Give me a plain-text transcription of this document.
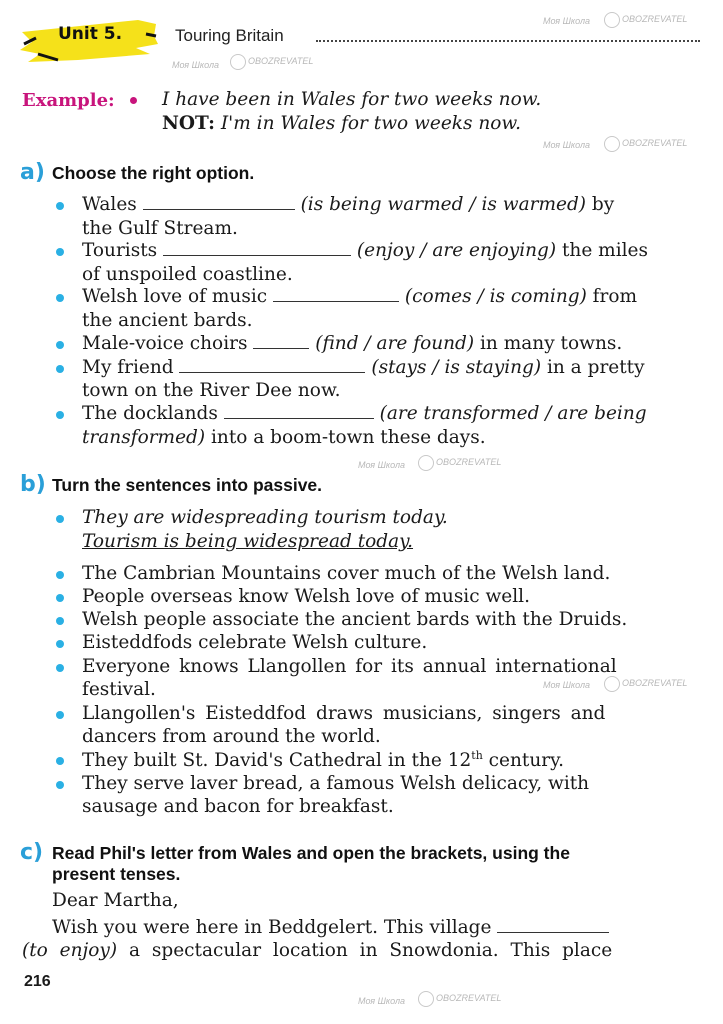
Unit 5.	Touring Britain
Example:	I have been in Wales for two weeks now.
NOT: I'm in Wales for two weeks now.
a) Choose the right option.
Wales	(is being warmed / is warmed) by
the Gulf Stream.
Tourists	(enjoy / are enjoying) the miles
of unspoiled coastline.
Welsh love of music	(comes / is coming) from
the ancient bards.
Male-voice choirs	(find / are found) in many towns.
My friend	(stays / is staying) in a pretty
town on the River Dee now.
The docklands	(are transformed / are being
transformed) into a boom-town these days.
b) Turn the sentences into passive.
They are widespreading tourism today.
Tourism is being widespread today.
The Cambrian Mountains cover much of the Welsh land.
People overseas know Welsh love of music well.
Welsh people associate the ancient bards with the Druids.
Eisteddfods celebrate Welsh culture.
Everyone knows Llangollen for its annual international
festival.
Llangollen's Eisteddfod draws musicians, singers and
dancers from around the world.
They built St. David's Cathedral in the 12th century.
They serve laver bread, a famous Welsh delicacy, with
sausage and bacon for breakfast.
c) Read Phil's letter from Wales and open the brackets, using the
present tenses.
Dear Martha,
Wish you were here in Beddgelert. This village
(to enjoy) a spectacular location in Snowdonia. This place
216
Моя Школа	OBOZREVATEL
Моя Школа	OBOZREVATEL
Моя Школа	OBOZREVATEL
Моя Школа	OBOZREVATEL
Моя Школа	OBOZREVATEL
Моя Школа	OBOZREVATEL
